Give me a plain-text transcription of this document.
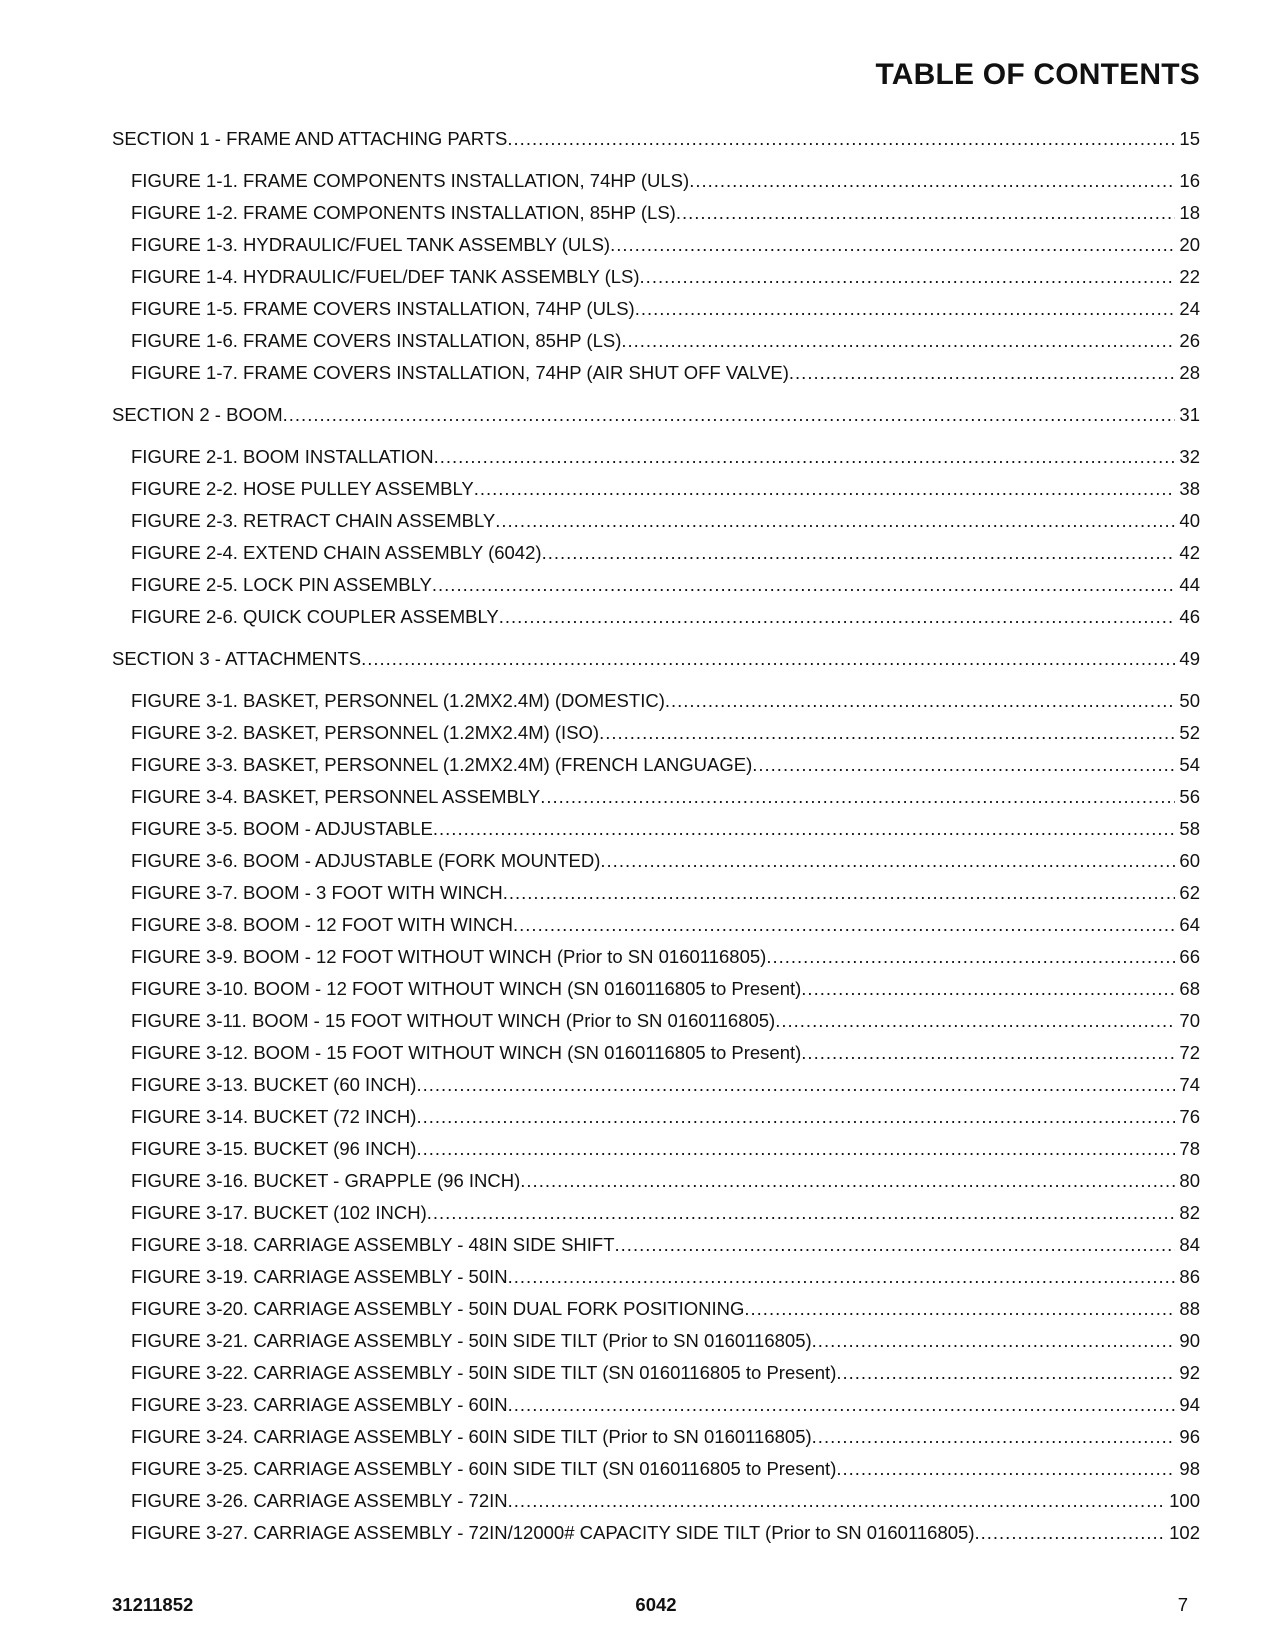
TABLE OF CONTENTS
SECTION 1 - FRAME AND ATTACHING PARTS .....	15
FIGURE 1-1. FRAME COMPONENTS INSTALLATION, 74HP (ULS) .....	16
FIGURE 1-2. FRAME COMPONENTS INSTALLATION, 85HP (LS) .....	18
FIGURE 1-3. HYDRAULIC/FUEL TANK ASSEMBLY (ULS) .....	20
FIGURE 1-4. HYDRAULIC/FUEL/DEF TANK ASSEMBLY (LS) .....	22
FIGURE 1-5. FRAME COVERS INSTALLATION, 74HP (ULS) .....	24
FIGURE 1-6. FRAME COVERS INSTALLATION, 85HP (LS) .....	26
FIGURE 1-7. FRAME COVERS INSTALLATION, 74HP (AIR SHUT OFF VALVE) .....	28
SECTION 2 - BOOM .....	31
FIGURE 2-1. BOOM INSTALLATION .....	32
FIGURE 2-2. HOSE PULLEY ASSEMBLY .....	38
FIGURE 2-3. RETRACT CHAIN ASSEMBLY .....	40
FIGURE 2-4. EXTEND CHAIN ASSEMBLY (6042) .....	42
FIGURE 2-5. LOCK PIN ASSEMBLY .....	44
FIGURE 2-6. QUICK COUPLER ASSEMBLY .....	46
SECTION 3 - ATTACHMENTS .....	49
FIGURE 3-1. BASKET, PERSONNEL (1.2MX2.4M) (DOMESTIC) .....	50
FIGURE 3-2. BASKET, PERSONNEL (1.2MX2.4M) (ISO) .....	52
FIGURE 3-3. BASKET, PERSONNEL (1.2MX2.4M) (FRENCH LANGUAGE) .....	54
FIGURE 3-4. BASKET, PERSONNEL ASSEMBLY .....	56
FIGURE 3-5. BOOM - ADJUSTABLE .....	58
FIGURE 3-6. BOOM - ADJUSTABLE (FORK MOUNTED) .....	60
FIGURE 3-7. BOOM - 3 FOOT WITH WINCH .....	62
FIGURE 3-8. BOOM - 12 FOOT WITH WINCH .....	64
FIGURE 3-9. BOOM - 12 FOOT WITHOUT WINCH (Prior to SN 0160116805) .....	66
FIGURE 3-10. BOOM - 12 FOOT WITHOUT WINCH (SN 0160116805 to Present) .....	68
FIGURE 3-11. BOOM - 15 FOOT WITHOUT WINCH (Prior to SN 0160116805) .....	70
FIGURE 3-12. BOOM - 15 FOOT WITHOUT WINCH (SN 0160116805 to Present) .....	72
FIGURE 3-13. BUCKET (60 INCH) .....	74
FIGURE 3-14. BUCKET (72 INCH) .....	76
FIGURE 3-15. BUCKET (96 INCH) .....	78
FIGURE 3-16. BUCKET - GRAPPLE (96 INCH) .....	80
FIGURE 3-17. BUCKET (102 INCH) .....	82
FIGURE 3-18. CARRIAGE ASSEMBLY - 48IN SIDE SHIFT .....	84
FIGURE 3-19. CARRIAGE ASSEMBLY - 50IN .....	86
FIGURE 3-20. CARRIAGE ASSEMBLY - 50IN DUAL FORK POSITIONING .....	88
FIGURE 3-21. CARRIAGE ASSEMBLY - 50IN SIDE TILT (Prior to SN 0160116805) .....	90
FIGURE 3-22. CARRIAGE ASSEMBLY - 50IN SIDE TILT (SN 0160116805 to Present) .....	92
FIGURE 3-23. CARRIAGE ASSEMBLY - 60IN .....	94
FIGURE 3-24. CARRIAGE ASSEMBLY - 60IN SIDE TILT (Prior to SN 0160116805) .....	96
FIGURE 3-25. CARRIAGE ASSEMBLY - 60IN SIDE TILT (SN 0160116805 to Present) .....	98
FIGURE 3-26. CARRIAGE ASSEMBLY - 72IN .....	100
FIGURE 3-27. CARRIAGE ASSEMBLY - 72IN/12000# CAPACITY SIDE TILT (Prior to SN 0160116805) .....	102
31211852	6042	7
